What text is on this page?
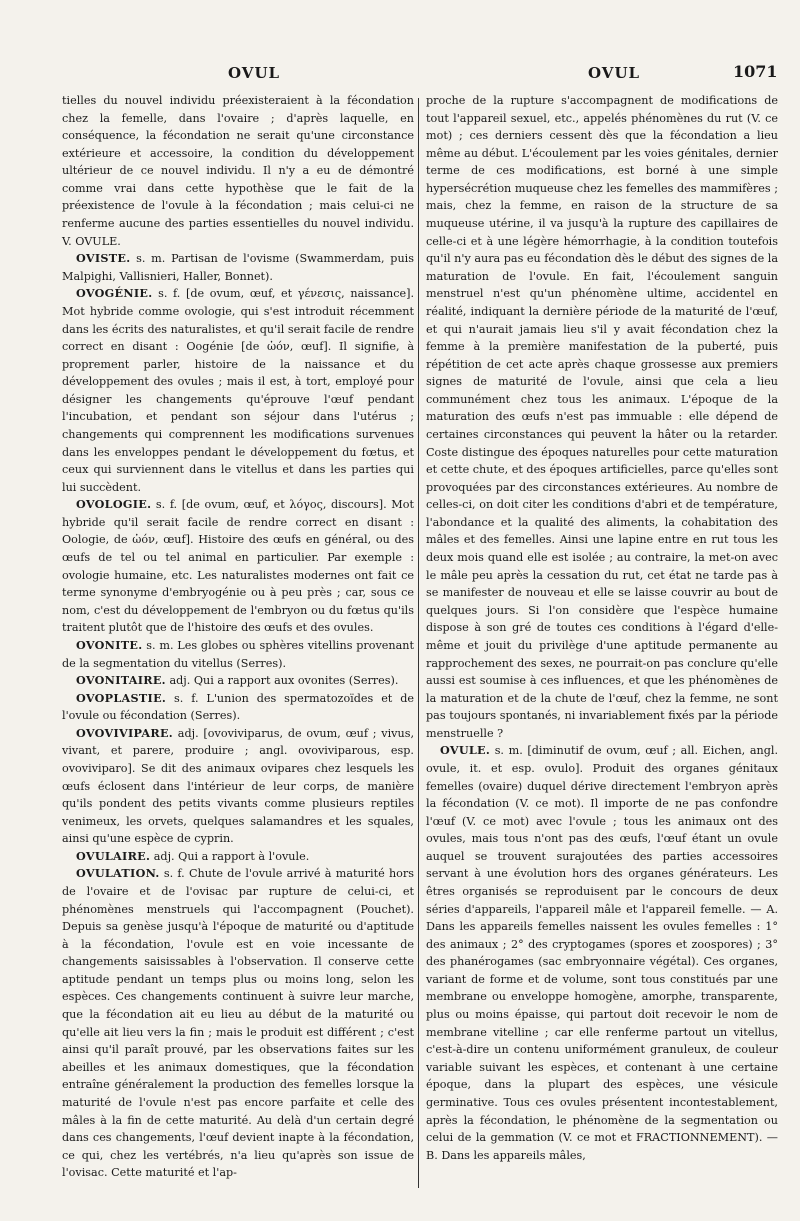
OVUL	OVUL	1071

tielles du nouvel individu préexisteraient à la fécondation chez la femelle, dans l'ovaire ; d'après laquelle, en conséquence, la fécondation ne serait qu'une circonstance extérieure et accessoire, la condition du développement ultérieur de ce nouvel individu. Il n'y a eu de démontré comme vrai dans cette hypothèse que le fait de la préexistence de l'ovule à la fécondation ; mais celui-ci ne renferme aucune des parties essentielles du nouvel individu. V. OVULE.

OVISTE. s. m. Partisan de l'ovisme (Swammerdam, puis Malpighi, Vallisnieri, Haller, Bonnet).

OVOGÉNIE. s. f. [de ovum, œuf, et γένεσις, naissance]. Mot hybride comme ovologie, qui s'est introduit récemment dans les écrits des naturalistes, et qu'il serait facile de rendre correct en disant : Oogénie [de ὠόν, œuf]. Il signifie, à proprement parler, histoire de la naissance et du développement des ovules ; mais il est, à tort, employé pour désigner les changements qu'éprouve l'œuf pendant l'incubation, et pendant son séjour dans l'utérus ; changements qui comprennent les modifications survenues dans les enveloppes pendant le développement du fœtus, et ceux qui surviennent dans le vitellus et dans les parties qui lui succèdent.

OVOLOGIE. s. f. [de ovum, œuf, et λόγος, discours]. Mot hybride qu'il serait facile de rendre correct en disant : Oologie, de ὠόν, œuf]. Histoire des œufs en général, ou des œufs de tel ou tel animal en particulier. Par exemple : ovologie humaine, etc. Les naturalistes modernes ont fait ce terme synonyme d'embryogénie ou à peu près ; car, sous ce nom, c'est du développement de l'embryon ou du fœtus qu'ils traitent plutôt que de l'histoire des œufs et des ovules.

OVONITE. s. m. Les globes ou sphères vitellins provenant de la segmentation du vitellus (Serres).

OVONITAIRE. adj. Qui a rapport aux ovonites (Serres).

OVOPLASTIE. s. f. L'union des spermatozoïdes et de l'ovule ou fécondation (Serres).

OVOVIVIPARE. adj. [ovoviviparus, de ovum, œuf ; vivus, vivant, et parere, produire ; angl. ovoviviparous, esp. ovoviviparo]. Se dit des animaux ovipares chez lesquels les œufs éclosent dans l'intérieur de leur corps, de manière qu'ils pondent des petits vivants comme plusieurs reptiles venimeux, les orvets, quelques salamandres et les squales, ainsi qu'une espèce de cyprin.

OVULAIRE. adj. Qui a rapport à l'ovule.

OVULATION. s. f. Chute de l'ovule arrivé à maturité hors de l'ovaire et de l'ovisac par rupture de celui-ci, et phénomènes menstruels qui l'accompagnent (Pouchet). Depuis sa genèse jusqu'à l'époque de maturité ou d'aptitude à la fécondation, l'ovule est en voie incessante de changements saisissables à l'observation. Il conserve cette aptitude pendant un temps plus ou moins long, selon les espèces. Ces changements continuent à suivre leur marche, que la fécondation ait eu lieu au début de la maturité ou qu'elle ait lieu vers la fin ; mais le produit est différent ; c'est ainsi qu'il paraît prouvé, par les observations faites sur les abeilles et les animaux domestiques, que la fécondation entraîne généralement la production des femelles lorsque la maturité de l'ovule n'est pas encore parfaite et celle des mâles à la fin de cette maturité. Au delà d'un certain degré dans ces changements, l'œuf devient inapte à la fécondation, ce qui, chez les vertébrés, n'a lieu qu'après son issue de l'ovisac. Cette maturité et l'ap-

proche de la rupture s'accompagnent de modifications de tout l'appareil sexuel, etc., appelés phénomènes du rut (V. ce mot) ; ces derniers cessent dès que la fécondation a lieu même au début. L'écoulement par les voies génitales, dernier terme de ces modifications, est borné à une simple hypersécrétion muqueuse chez les femelles des mammifères ; mais, chez la femme, en raison de la structure de sa muqueuse utérine, il va jusqu'à la rupture des capillaires de celle-ci et à une légère hémorrhagie, à la condition toutefois qu'il n'y aura pas eu fécondation dès le début des signes de la maturation de l'ovule. En fait, l'écoulement sanguin menstruel n'est qu'un phénomène ultime, accidentel en réalité, indiquant la dernière période de la maturité de l'œuf, et qui n'aurait jamais lieu s'il y avait fécondation chez la femme à la première manifestation de la puberté, puis répétition de cet acte après chaque grossesse aux premiers signes de maturité de l'ovule, ainsi que cela a lieu communément chez tous les animaux. L'époque de la maturation des œufs n'est pas immuable : elle dépend de certaines circonstances qui peuvent la hâter ou la retarder. Coste distingue des époques naturelles pour cette maturation et cette chute, et des époques artificielles, parce qu'elles sont provoquées par des circonstances extérieures. Au nombre de celles-ci, on doit citer les conditions d'abri et de température, l'abondance et la qualité des aliments, la cohabitation des mâles et des femelles. Ainsi une lapine entre en rut tous les deux mois quand elle est isolée ; au contraire, la met-on avec le mâle peu après la cessation du rut, cet état ne tarde pas à se manifester de nouveau et elle se laisse couvrir au bout de quelques jours. Si l'on considère que l'espèce humaine dispose à son gré de toutes ces conditions à l'égard d'elle-même et jouit du privilège d'une aptitude permanente au rapprochement des sexes, ne pourrait-on pas conclure qu'elle aussi est soumise à ces influences, et que les phénomènes de la maturation et de la chute de l'œuf, chez la femme, ne sont pas toujours spontanés, ni invariablement fixés par la période menstruelle ?

OVULE. s. m. [diminutif de ovum, œuf ; all. Eichen, angl. ovule, it. et esp. ovulo]. Produit des organes génitaux femelles (ovaire) duquel dérive directement l'embryon après la fécondation (V. ce mot). Il importe de ne pas confondre l'œuf (V. ce mot) avec l'ovule ; tous les animaux ont des ovules, mais tous n'ont pas des œufs, l'œuf étant un ovule auquel se trouvent surajoutées des parties accessoires servant à une évolution hors des organes générateurs. Les êtres organisés se reproduisent par le concours de deux séries d'appareils, l'appareil mâle et l'appareil femelle. — A. Dans les appareils femelles naissent les ovules femelles : 1° des animaux ; 2° des cryptogames (spores et zoospores) ; 3° des phanérogames (sac embryonnaire végétal). Ces organes, variant de forme et de volume, sont tous constitués par une membrane ou enveloppe homogène, amorphe, transparente, plus ou moins épaisse, qui partout doit recevoir le nom de membrane vitelline ; car elle renferme partout un vitellus, c'est-à-dire un contenu uniformément granuleux, de couleur variable suivant les espèces, et contenant à une certaine époque, dans la plupart des espèces, une vésicule germinative. Tous ces ovules présentent incontestablement, après la fécondation, le phénomène de la segmentation ou celui de la gemmation (V. ce mot et FRACTIONNEMENT). — B. Dans les appareils mâles,
